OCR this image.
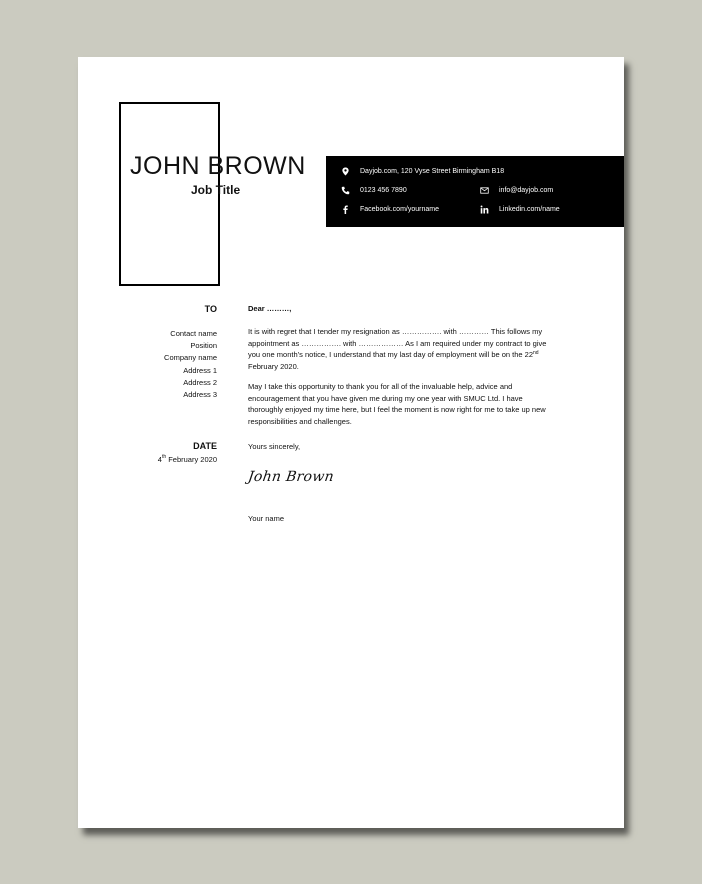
JOHN BROWN
Job Title
Dayjob.com, 120 Vyse Street Birmingham B18
0123 456 7890	info@dayjob.com
Facebook.com/yourname	Linkedin.com/name
TO
Contact name
Position
Company name
Address 1
Address 2
Address 3
DATE
4th February 2020
Dear ………,
It is with regret that I tender my resignation as ……………. with ………… This follows my appointment as ……………. with ……………… As I am required under my contract to give you one month’s notice, I understand that my last day of employment will be on the 22nd February 2020.
May I take this opportunity to thank you for all of the invaluable help, advice and encouragement that you have given me during my one year with SMUC Ltd. I have thoroughly enjoyed my time here, but I feel the moment is now right for me to take up new responsibilities and challenges.
Yours sincerely,
John Brown
Your name
